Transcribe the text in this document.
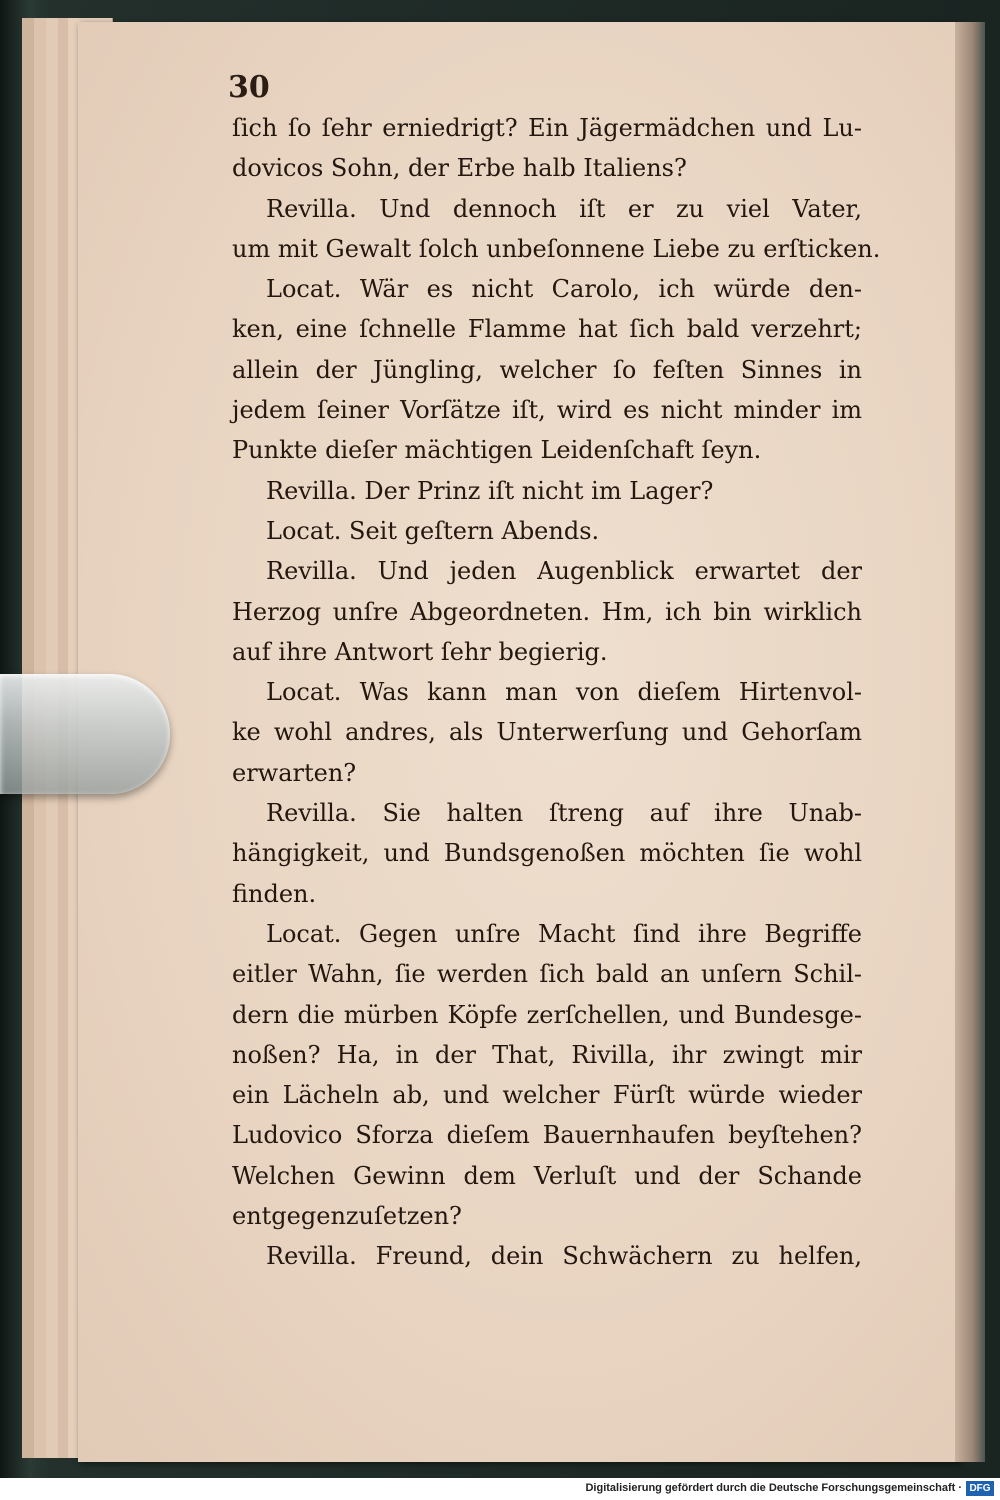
30
ſich ſo ſehr erniedrigt? Ein Jägermädchen und Lu-
dovicos Sohn, der Erbe halb Italiens?
Revilla. Und dennoch iſt er zu viel Vater,
um mit Gewalt ſolch unbeſonnene Liebe zu erſticken.
Locat. Wär es nicht Carolo, ich würde den-
ken, eine ſchnelle Flamme hat ſich bald verzehrt;
allein der Jüngling, welcher ſo feſten Sinnes in
jedem ſeiner Vorſätze iſt, wird es nicht minder im
Punkte dieſer mächtigen Leidenſchaft ſeyn.
Revilla. Der Prinz iſt nicht im Lager?
Locat. Seit geſtern Abends.
Revilla. Und jeden Augenblick erwartet der
Herzog unſre Abgeordneten. Hm, ich bin wirklich
auf ihre Antwort ſehr begierig.
Locat. Was kann man von dieſem Hirtenvol-
ke wohl andres, als Unterwerſung und Gehorſam
erwarten?
Revilla. Sie halten ſtreng auf ihre Unab-
hängigkeit, und Bundsgenoßen möchten ſie wohl
finden.
Locat. Gegen unſre Macht ſind ihre Begriffe
eitler Wahn, ſie werden ſich bald an unſern Schil-
dern die mürben Köpfe zerſchellen, und Bundesge-
noßen? Ha, in der That, Rivilla, ihr zwingt mir
ein Lächeln ab, und welcher Fürſt würde wieder
Ludovico Sforza dieſem Bauernhaufen beyſtehen?
Welchen Gewinn dem Verluſt und der Schande
entgegenzuſetzen?
Revilla. Freund, dein Schwächern zu helfen,
Digitalisierung gefördert durch die Deutsche Forschungsgemeinschaft · DFG
